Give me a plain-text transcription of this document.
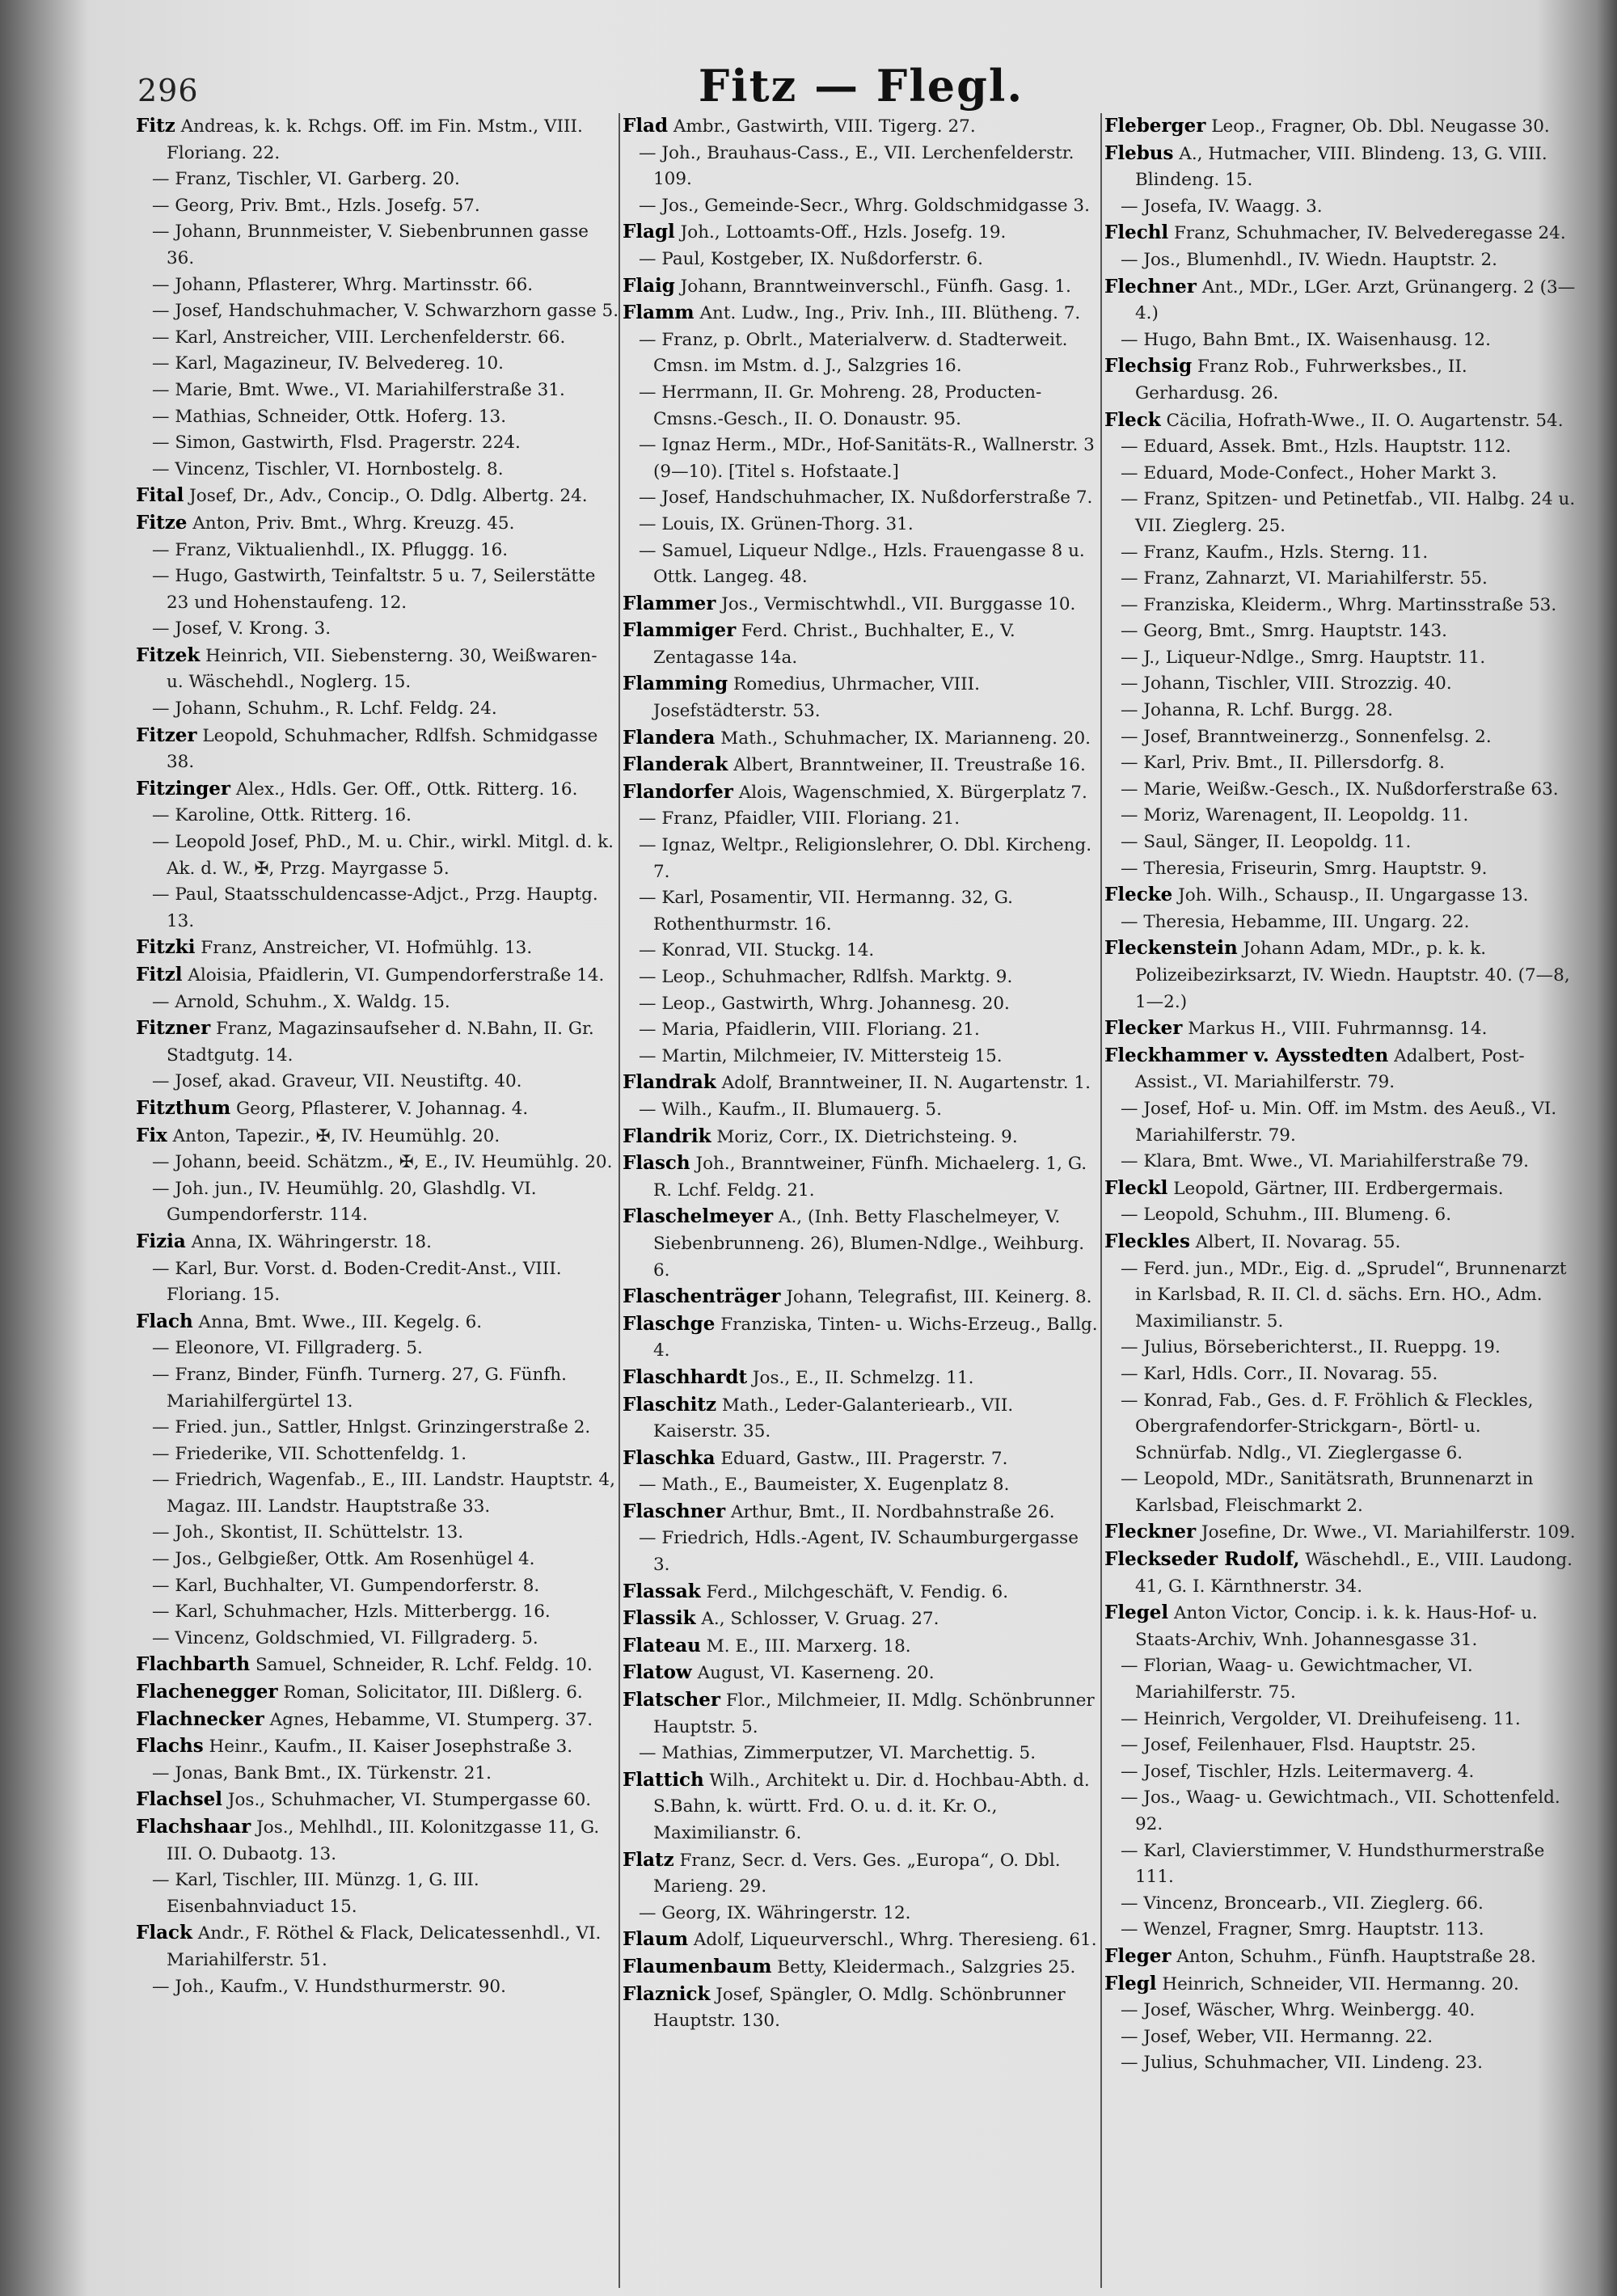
296	Fitz — Flegl.

Fitz Andreas, k. k. Rchgs. Off. im Fin. Mstm., VIII. Floriang. 22.

— Franz, Tischler, VI. Garberg. 20.

— Georg, Priv. Bmt., Hzls. Josefg. 57.

— Johann, Brunnmeister, V. Siebenbrunnen gasse 36.

— Johann, Pflasterer, Whrg. Martinsstr. 66.

— Josef, Handschuhmacher, V. Schwarzhorn gasse 5.

— Karl, Anstreicher, VIII. Lerchenfelderstr. 66.

— Karl, Magazineur, IV. Belvedereg. 10.

— Marie, Bmt. Wwe., VI. Mariahilferstraße 31.

— Mathias, Schneider, Ottk. Hoferg. 13.

— Simon, Gastwirth, Flsd. Pragerstr. 224.

— Vincenz, Tischler, VI. Hornbostelg. 8.

Fital Josef, Dr., Adv., Concip., O. Ddlg. Albertg. 24.

Fitze Anton, Priv. Bmt., Whrg. Kreuzg. 45.

— Franz, Viktualienhdl., IX. Pfluggg. 16.

— Hugo, Gastwirth, Teinfaltstr. 5 u. 7, Seilerstätte 23 und Hohenstaufeng. 12.

— Josef, V. Krong. 3.

Fitzek Heinrich, VII. Siebensterng. 30, Weißwaren- u. Wäschehdl., Noglerg. 15.

— Johann, Schuhm., R. Lchf. Feldg. 24.

Fitzer Leopold, Schuhmacher, Rdlfsh. Schmidgasse 38.

Fitzinger Alex., Hdls. Ger. Off., Ottk. Ritterg. 16.

— Karoline, Ottk. Ritterg. 16.

— Leopold Josef, PhD., M. u. Chir., wirkl. Mitgl. d. k. Ak. d. W., ✠, Przg. Mayrgasse 5.

— Paul, Staatsschuldencasse-Adjct., Przg. Hauptg. 13.

Fitzki Franz, Anstreicher, VI. Hofmühlg. 13.

Fitzl Aloisia, Pfaidlerin, VI. Gumpendorferstraße 14.

— Arnold, Schuhm., X. Waldg. 15.

Fitzner Franz, Magazinsaufseher d. N.Bahn, II. Gr. Stadtgutg. 14.

— Josef, akad. Graveur, VII. Neustiftg. 40.

Fitzthum Georg, Pflasterer, V. Johannag. 4.

Fix Anton, Tapezir., ✠, IV. Heumühlg. 20.

— Johann, beeid. Schätzm., ✠, E., IV. Heumühlg. 20.

— Joh. jun., IV. Heumühlg. 20, Glashdlg. VI. Gumpendorferstr. 114.

Fizia Anna, IX. Währingerstr. 18.

— Karl, Bur. Vorst. d. Boden-Credit-Anst., VIII. Floriang. 15.

Flach Anna, Bmt. Wwe., III. Kegelg. 6.

— Eleonore, VI. Fillgraderg. 5.

— Franz, Binder, Fünfh. Turnerg. 27, G. Fünfh. Mariahilfergürtel 13.

— Fried. jun., Sattler, Hnlgst. Grinzingerstraße 2.

— Friederike, VII. Schottenfeldg. 1.

— Friedrich, Wagenfab., E., III. Landstr. Hauptstr. 4, Magaz. III. Landstr. Hauptstraße 33.

— Joh., Skontist, II. Schüttelstr. 13.

— Jos., Gelbgießer, Ottk. Am Rosenhügel 4.

— Karl, Buchhalter, VI. Gumpendorferstr. 8.

— Karl, Schuhmacher, Hzls. Mitterbergg. 16.

— Vincenz, Goldschmied, VI. Fillgraderg. 5.

Flachbarth Samuel, Schneider, R. Lchf. Feldg. 10.

Flachenegger Roman, Solicitator, III. Dißlerg. 6.

Flachnecker Agnes, Hebamme, VI. Stumperg. 37.

Flachs Heinr., Kaufm., II. Kaiser Josephstraße 3.

— Jonas, Bank Bmt., IX. Türkenstr. 21.

Flachsel Jos., Schuhmacher, VI. Stumpergasse 60.

Flachshaar Jos., Mehlhdl., III. Kolonitzgasse 11, G. III. O. Dubaotg. 13.

— Karl, Tischler, III. Münzg. 1, G. III. Eisenbahnviaduct 15.

Flack Andr., F. Röthel & Flack, Delicatessenhdl., VI. Mariahilferstr. 51.

— Joh., Kaufm., V. Hundsthurmerstr. 90.

Flad Ambr., Gastwirth, VIII. Tigerg. 27.

— Joh., Brauhaus-Cass., E., VII. Lerchenfelderstr. 109.

— Jos., Gemeinde-Secr., Whrg. Goldschmidgasse 3.

Flagl Joh., Lottoamts-Off., Hzls. Josefg. 19.

— Paul, Kostgeber, IX. Nußdorferstr. 6.

Flaig Johann, Branntweinverschl., Fünfh. Gasg. 1.

Flamm Ant. Ludw., Ing., Priv. Inh., III. Blütheng. 7.

— Franz, p. Obrlt., Materialverw. d. Stadterweit. Cmsn. im Mstm. d. J., Salzgries 16.

— Herrmann, II. Gr. Mohreng. 28, Producten-Cmsns.-Gesch., II. O. Donaustr. 95.

— Ignaz Herm., MDr., Hof-Sanitäts-R., Wallnerstr. 3 (9—10). [Titel s. Hofstaate.]

— Josef, Handschuhmacher, IX. Nußdorferstraße 7.

— Louis, IX. Grünen-Thorg. 31.

— Samuel, Liqueur Ndlge., Hzls. Frauengasse 8 u. Ottk. Langeg. 48.

Flammer Jos., Vermischtwhdl., VII. Burggasse 10.

Flammiger Ferd. Christ., Buchhalter, E., V. Zentagasse 14a.

Flamming Romedius, Uhrmacher, VIII. Josefstädterstr. 53.

Flandera Math., Schuhmacher, IX. Marianneng. 20.

Flanderak Albert, Branntweiner, II. Treustraße 16.

Flandorfer Alois, Wagenschmied, X. Bürgerplatz 7.

— Franz, Pfaidler, VIII. Floriang. 21.

— Ignaz, Weltpr., Religionslehrer, O. Dbl. Kircheng. 7.

— Karl, Posamentir, VII. Hermanng. 32, G. Rothenthurmstr. 16.

— Konrad, VII. Stuckg. 14.

— Leop., Schuhmacher, Rdlfsh. Marktg. 9.

— Leop., Gastwirth, Whrg. Johannesg. 20.

— Maria, Pfaidlerin, VIII. Floriang. 21.

— Martin, Milchmeier, IV. Mittersteig 15.

Flandrak Adolf, Branntweiner, II. N. Augartenstr. 1.

— Wilh., Kaufm., II. Blumauerg. 5.

Flandrik Moriz, Corr., IX. Dietrichsteing. 9.

Flasch Joh., Branntweiner, Fünfh. Michaelerg. 1, G. R. Lchf. Feldg. 21.

Flaschelmeyer A., (Inh. Betty Flaschelmeyer, V. Siebenbrunneng. 26), Blumen-Ndlge., Weihburg. 6.

Flaschenträger Johann, Telegrafist, III. Keinerg. 8.

Flaschge Franziska, Tinten- u. Wichs-Erzeug., Ballg. 4.

Flaschhardt Jos., E., II. Schmelzg. 11.

Flaschitz Math., Leder-Galanteriearb., VII. Kaiserstr. 35.

Flaschka Eduard, Gastw., III. Pragerstr. 7.

— Math., E., Baumeister, X. Eugenplatz 8.

Flaschner Arthur, Bmt., II. Nordbahnstraße 26.

— Friedrich, Hdls.-Agent, IV. Schaumburgergasse 3.

Flassak Ferd., Milchgeschäft, V. Fendig. 6.

Flassik A., Schlosser, V. Gruag. 27.

Flateau M. E., III. Marxerg. 18.

Flatow August, VI. Kaserneng. 20.

Flatscher Flor., Milchmeier, II. Mdlg. Schönbrunner Hauptstr. 5.

— Mathias, Zimmerputzer, VI. Marchettig. 5.

Flattich Wilh., Architekt u. Dir. d. Hochbau-Abth. d. S.Bahn, k. württ. Frd. O. u. d. it. Kr. O., Maximilianstr. 6.

Flatz Franz, Secr. d. Vers. Ges. „Europa“, O. Dbl. Marieng. 29.

— Georg, IX. Währingerstr. 12.

Flaum Adolf, Liqueurverschl., Whrg. Theresieng. 61.

Flaumenbaum Betty, Kleidermach., Salzgries 25.

Flaznick Josef, Spängler, O. Mdlg. Schönbrunner Hauptstr. 130.

Fleberger Leop., Fragner, Ob. Dbl. Neugasse 30.

Flebus A., Hutmacher, VIII. Blindeng. 13, G. VIII. Blindeng. 15.

— Josefa, IV. Waagg. 3.

Flechl Franz, Schuhmacher, IV. Belvederegasse 24.

— Jos., Blumenhdl., IV. Wiedn. Hauptstr. 2.

Flechner Ant., MDr., LGer. Arzt, Grünangerg. 2 (3—4.)

— Hugo, Bahn Bmt., IX. Waisenhausg. 12.

Flechsig Franz Rob., Fuhrwerksbes., II. Gerhardusg. 26.

Fleck Cäcilia, Hofrath-Wwe., II. O. Augartenstr. 54.

— Eduard, Assek. Bmt., Hzls. Hauptstr. 112.

— Eduard, Mode-Confect., Hoher Markt 3.

— Franz, Spitzen- und Petinetfab., VII. Halbg. 24 u. VII. Zieglerg. 25.

— Franz, Kaufm., Hzls. Sterng. 11.

— Franz, Zahnarzt, VI. Mariahilferstr. 55.

— Franziska, Kleiderm., Whrg. Martinsstraße 53.

— Georg, Bmt., Smrg. Hauptstr. 143.

— J., Liqueur-Ndlge., Smrg. Hauptstr. 11.

— Johann, Tischler, VIII. Strozzig. 40.

— Johanna, R. Lchf. Burgg. 28.

— Josef, Branntweinerzg., Sonnenfelsg. 2.

— Karl, Priv. Bmt., II. Pillersdorfg. 8.

— Marie, Weißw.-Gesch., IX. Nußdorferstraße 63.

— Moriz, Warenagent, II. Leopoldg. 11.

— Saul, Sänger, II. Leopoldg. 11.

— Theresia, Friseurin, Smrg. Hauptstr. 9.

Flecke Joh. Wilh., Schausp., II. Ungargasse 13.

— Theresia, Hebamme, III. Ungarg. 22.

Fleckenstein Johann Adam, MDr., p. k. k. Polizeibezirksarzt, IV. Wiedn. Hauptstr. 40. (7—8, 1—2.)

Flecker Markus H., VIII. Fuhrmannsg. 14.

Fleckhammer v. Aysstedten Adalbert, Post-Assist., VI. Mariahilferstr. 79.

— Josef, Hof- u. Min. Off. im Mstm. des Aeuß., VI. Mariahilferstr. 79.

— Klara, Bmt. Wwe., VI. Mariahilferstraße 79.

Fleckl Leopold, Gärtner, III. Erdbergermais.

— Leopold, Schuhm., III. Blumeng. 6.

Fleckles Albert, II. Novarag. 55.

— Ferd. jun., MDr., Eig. d. „Sprudel“, Brunnenarzt in Karlsbad, R. II. Cl. d. sächs. Ern. HO., Adm. Maximilianstr. 5.

— Julius, Börseberichterst., II. Rueppg. 19.

— Karl, Hdls. Corr., II. Novarag. 55.

— Konrad, Fab., Ges. d. F. Fröhlich & Fleckles, Obergrafendorfer-Strickgarn-, Börtl- u. Schnürfab. Ndlg., VI. Zieglergasse 6.

— Leopold, MDr., Sanitätsrath, Brunnenarzt in Karlsbad, Fleischmarkt 2.

Fleckner Josefine, Dr. Wwe., VI. Mariahilferstr. 109.

Fleckseder Rudolf, Wäschehdl., E., VIII. Laudong. 41, G. I. Kärnthnerstr. 34.

Flegel Anton Victor, Concip. i. k. k. Haus-Hof- u. Staats-Archiv, Wnh. Johannesgasse 31.

— Florian, Waag- u. Gewichtmacher, VI. Mariahilferstr. 75.

— Heinrich, Vergolder, VI. Dreihufeiseng. 11.

— Josef, Feilenhauer, Flsd. Hauptstr. 25.

— Josef, Tischler, Hzls. Leitermaverg. 4.

— Jos., Waag- u. Gewichtmach., VII. Schottenfeld. 92.

— Karl, Clavierstimmer, V. Hundsthurmerstraße 111.

— Vincenz, Broncearb., VII. Zieglerg. 66.

— Wenzel, Fragner, Smrg. Hauptstr. 113.

Fleger Anton, Schuhm., Fünfh. Hauptstraße 28.

Flegl Heinrich, Schneider, VII. Hermanng. 20.

— Josef, Wäscher, Whrg. Weinbergg. 40.

— Josef, Weber, VII. Hermanng. 22.

— Julius, Schuhmacher, VII. Lindeng. 23.
